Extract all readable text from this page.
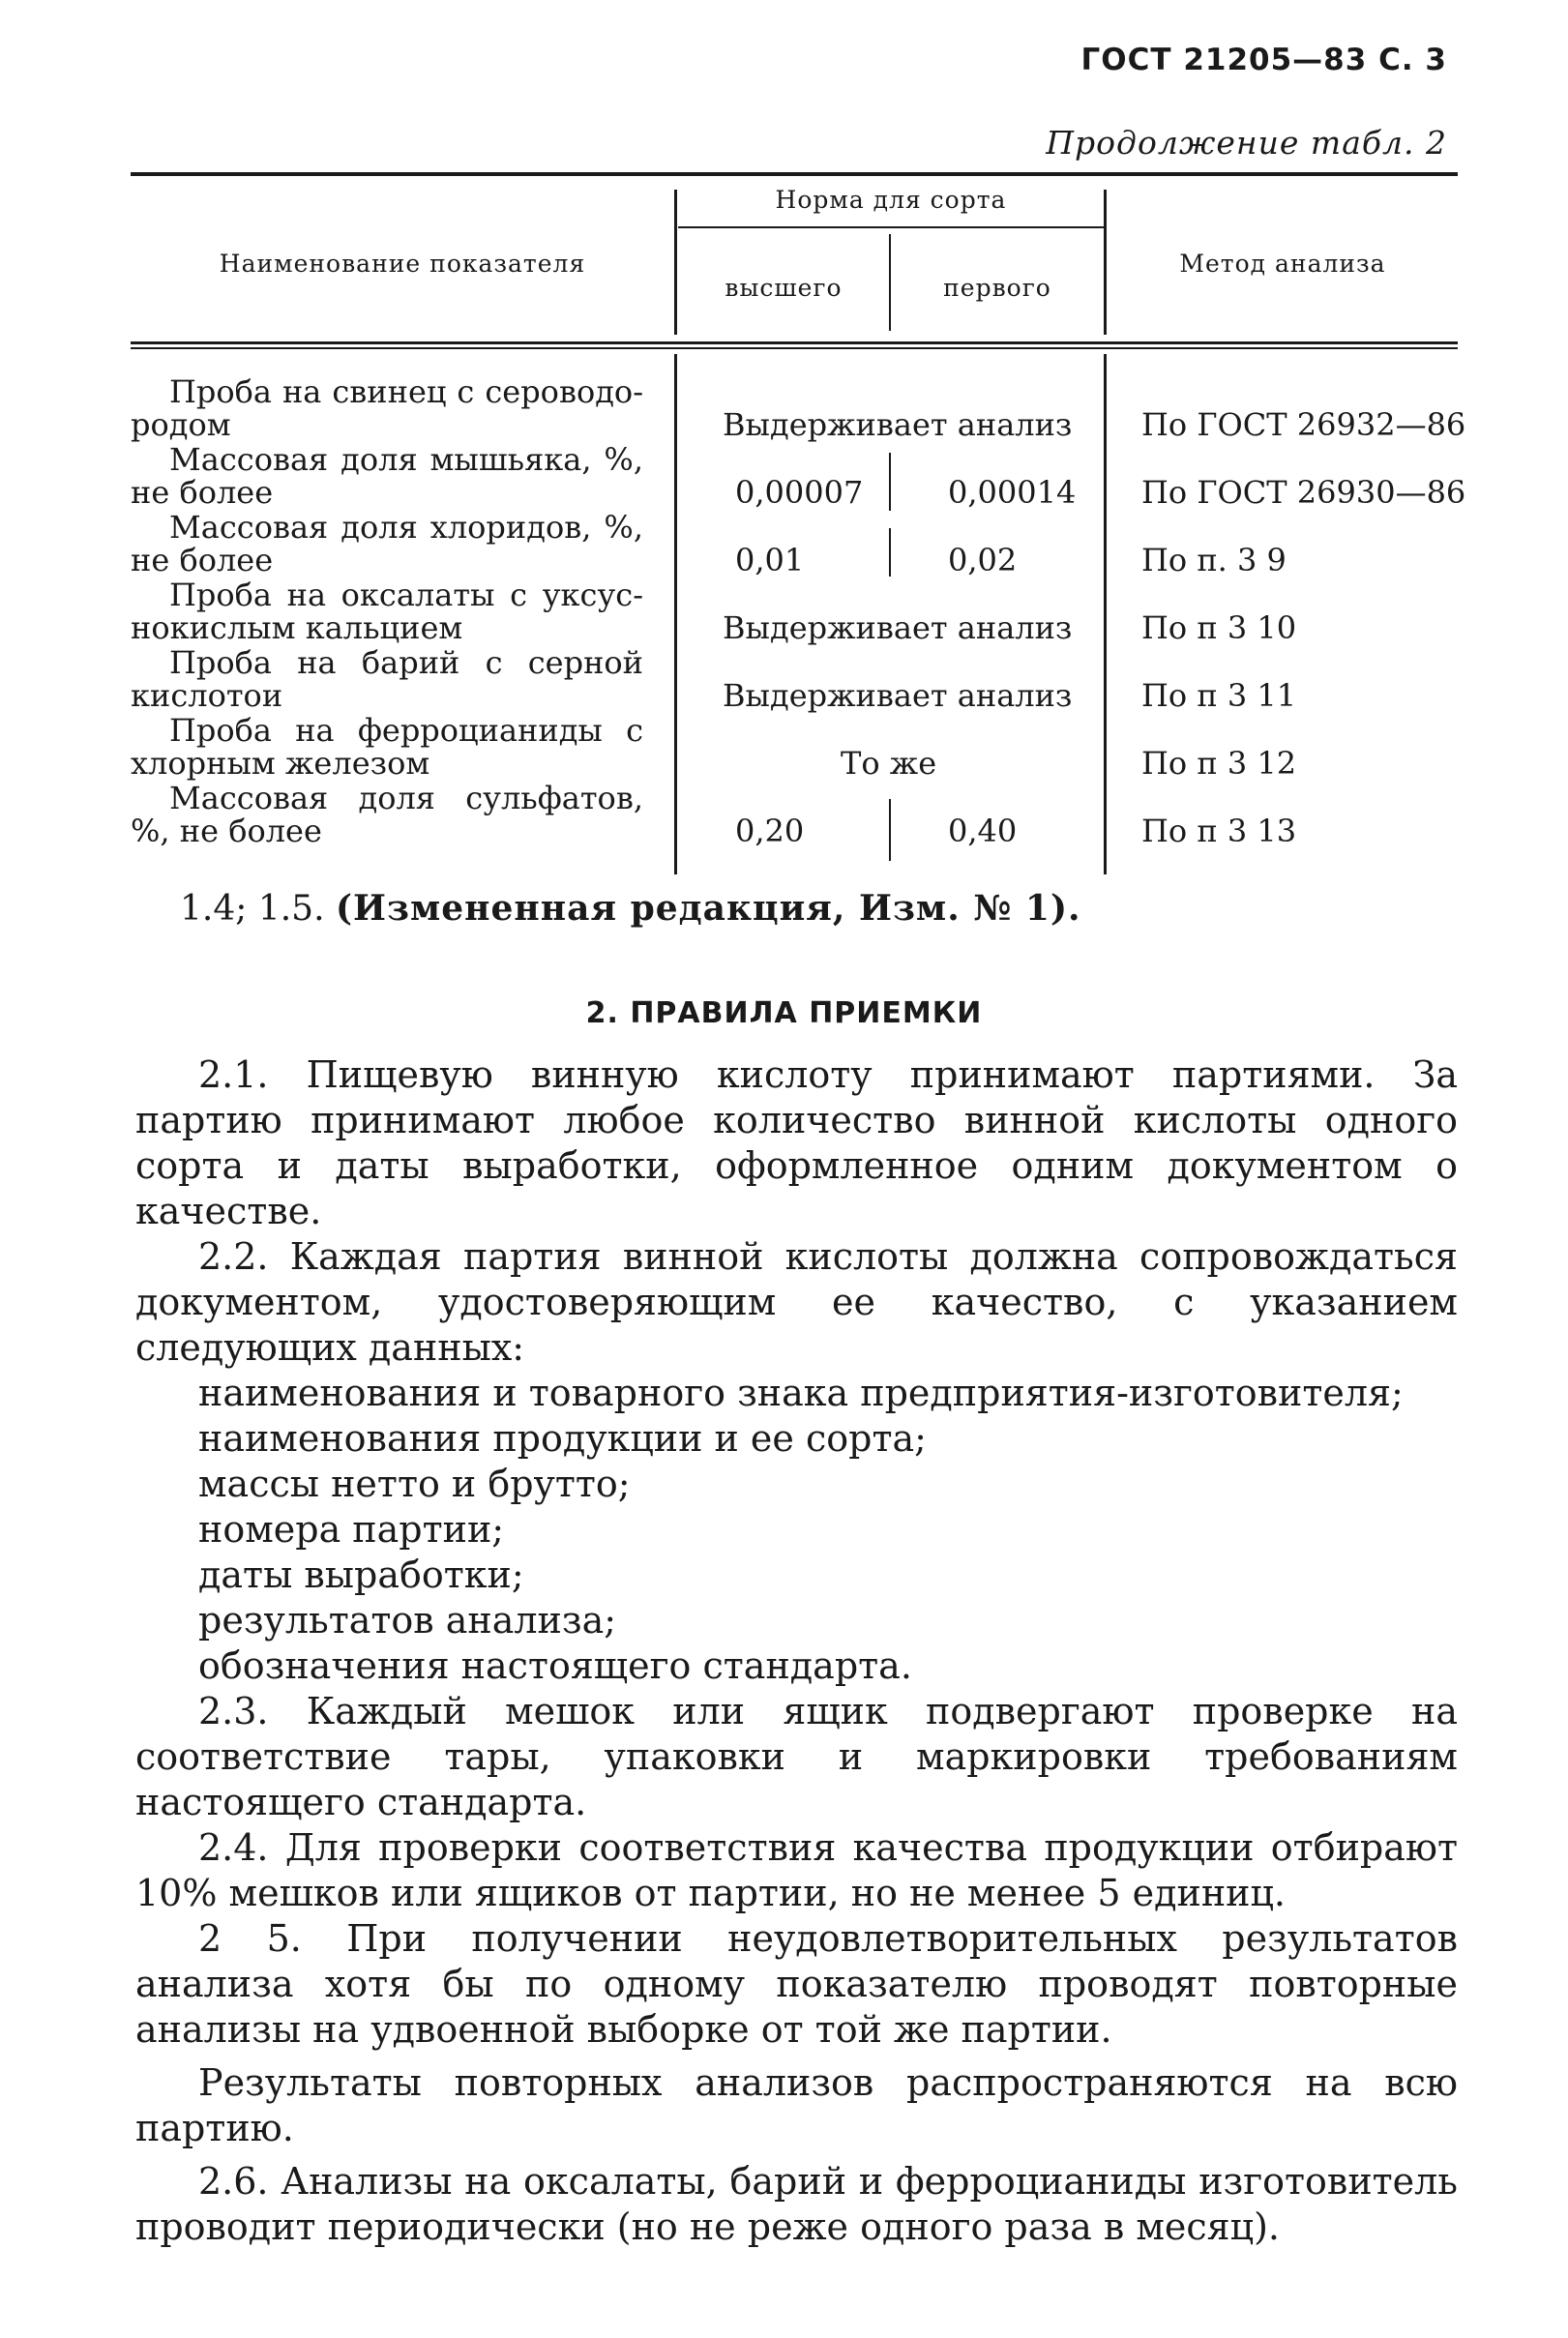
ГОСТ 21205—83 С. 3
Продолжение табл. 2
Наименование показателя
Норма для сорта
высшего	первого
Метод анализа
Проба на свинец с сероводо-
родом	Выдерживает анализ По ГОСТ 26932—86
Массовая доля мышьяка, %,
не более	0,00007	0,00014 По ГОСТ 26930—86
Массовая доля хлоридов, %,
не более	0,01	0,02	По п. 3 9
Проба на оксалаты с уксус-
нокислым кальцием	Выдерживает анализ По п 3 10
Проба на барий с серной
кислотои	Выдерживает анализ По п 3 11
Проба на ферроцианиды с
хлорным железом	То же	По п 3 12
Массовая доля сульфатов,
%, не более	0,20	0,40	По п 3 13
1.4; 1.5. (Измененная редакция, Изм. № 1).
2. ПРАВИЛА ПРИЕМКИ

2.1. Пищевую винную кислоту принимают партиями. За партию принимают любое количество винной кислоты одного сорта и даты выработки, оформленное одним документом о качестве.

2.2. Каждая партия винной кислоты должна сопровождаться документом, удостоверяющим ее качество, с указанием следующих данных:

наименования и товарного знака предприятия-изготовителя;

наименования продукции и ее сорта;

массы нетто и брутто;

номера партии;

даты выработки;

результатов анализа;

обозначения настоящего стандарта.

2.3. Каждый мешок или ящик подвергают проверке на соответствие тары, упаковки и маркировки требованиям настоящего стандарта.

2.4. Для проверки соответствия качества продукции отбирают 10% мешков или ящиков от партии, но не менее 5 единиц.

2 5. При получении неудовлетворительных результатов анализа хотя бы по одному показателю проводят повторные анализы на удвоенной выборке от той же партии.

Результаты повторных анализов распространяются на всю партию.

2.6. Анализы на оксалаты, барий и ферроцианиды изготовитель проводит периодически (но не реже одного раза в месяц).
